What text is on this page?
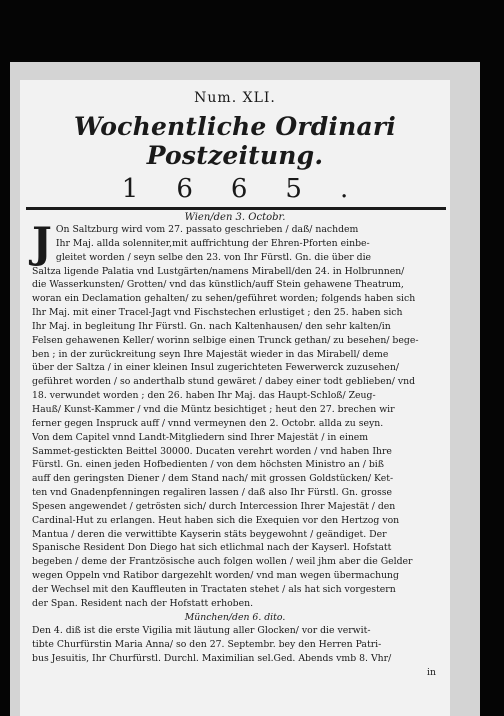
Num. XLI.
Wochentliche Ordinari Postzeitung.
1665.
Wien/den 3. Octobr.
J On Saltzburg wird vom 27. passato geschrieben / daß/ nachdem
Ihr Maj. allda solenniter,mit auffrichtung der Ehren-Pforten einbe-
gleitet worden / seyn selbe den 23. von Ihr Fürstl. Gn. die über die
Saltza ligende Palatia vnd Lustgärten/namens Mirabell/den 24. in Holbrunnen/
die Wasserkunsten/ Grotten/ vnd das künstlich/auff Stein gehawene Theatrum,
woran ein Declamation gehalten/ zu sehen/geführet worden; folgends haben sich
Ihr Maj. mit einer Tracel-Jagt vnd Fischstechen erlustiget ; den 25. haben sich
Ihr Maj. in begleitung Ihr Fürstl. Gn. nach Kaltenhausen/ den sehr kalten/in
Felsen gehawenen Keller/ worinn selbige einen Trunck gethan/ zu besehen/ bege-
ben ; in der zurückreitung seyn Ihre Majestät wieder in das Mirabell/ deme
über der Saltza / in einer kleinen Insul zugerichteten Fewerwerck zuzusehen/
geführet worden / so anderthalb stund gewäret / dabey einer todt geblieben/ vnd
18. verwundet worden ; den 26. haben Ihr Maj. das Haupt-Schloß/ Zeug-
Hauß/ Kunst-Kammer / vnd die Müntz besichtiget ; heut den 27. brechen wir
ferner gegen Inspruck auff / vnnd vermeynen den 2. Octobr. allda zu seyn.
Von dem Capitel vnnd Landt-Mitgliedern sind Ihrer Majestät / in einem
Sammet-gestickten Beittel 30000. Ducaten verehrt worden / vnd haben Ihre
Fürstl. Gn. einen jeden Hofbedienten / von dem höchsten Ministro an / biß
auff den geringsten Diener / dem Stand nach/ mit grossen Goldstücken/ Ket-
ten vnd Gnadenpfenningen regaliren lassen / daß also Ihr Fürstl. Gn. grosse
Spesen angewendet / getrösten sich/ durch Intercession Ihrer Majestät / den
Cardinal-Hut zu erlangen. Heut haben sich die Exequien vor den Hertzog von
Mantua / deren die verwittibte Kayserin stäts beygewohnt / geändiget. Der
Spanische Resident Don Diego hat sich etlichmal nach der Kayserl. Hofstatt
begeben / deme der Frantzösische auch folgen wollen / weil jhm aber die Gelder
wegen Oppeln vnd Ratibor dargezehlt worden/ vnd man wegen übermachung
der Wechsel mit den Kauffleuten in Tractaten stehet / als hat sich vorgestern
der Span. Resident nach der Hofstatt erhoben.
München/den 6. dito.
Den 4. diß ist die erste Vigilia mit läutung aller Glocken/ vor die verwit-
tibte Churfürstin Maria Anna/ so den 27. Septembr. bey den Herren Patri-
bus Jesuitis, Ihr Churfürstl. Durchl. Maximilian sel.Ged. Abends vmb 8. Vhr/
in
